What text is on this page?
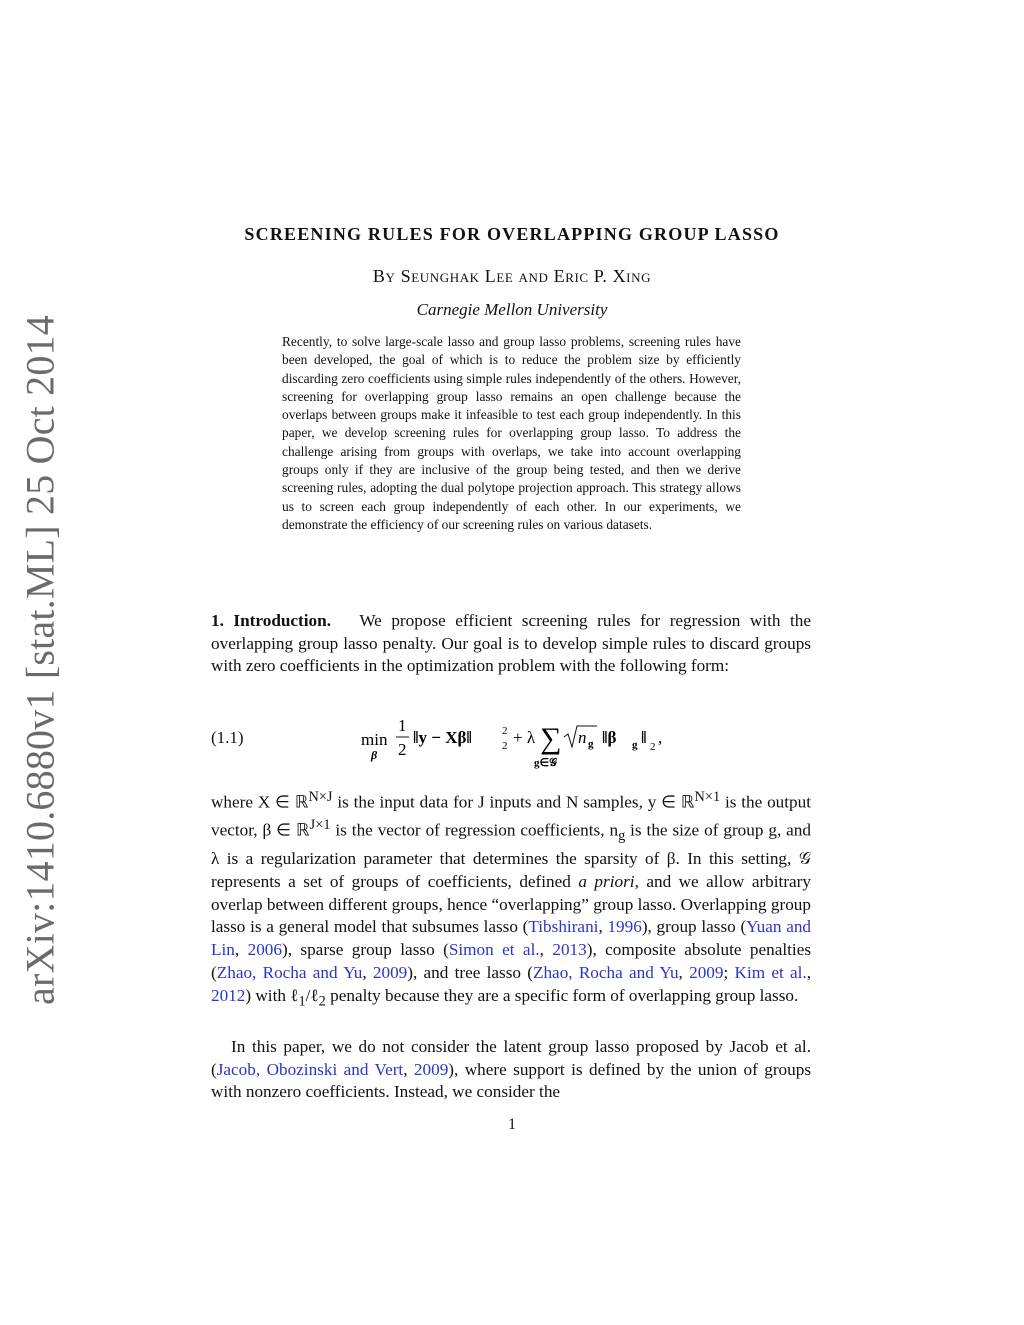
arXiv:1410.6880v1 [stat.ML] 25 Oct 2014
SCREENING RULES FOR OVERLAPPING GROUP LASSO
By Seunghak Lee and Eric P. Xing
Carnegie Mellon University
Recently, to solve large-scale lasso and group lasso problems, screening rules have been developed, the goal of which is to reduce the problem size by efficiently discarding zero coefficients using simple rules independently of the others. However, screening for overlapping group lasso remains an open challenge because the overlaps between groups make it infeasible to test each group independently. In this paper, we develop screening rules for overlapping group lasso. To address the challenge arising from groups with overlaps, we take into account overlapping groups only if they are inclusive of the group being tested, and then we derive screening rules, adopting the dual polytope projection approach. This strategy allows us to screen each group independently of each other. In our experiments, we demonstrate the efficiency of our screening rules on various datasets.
1. Introduction. We propose efficient screening rules for regression with the overlapping group lasso penalty. Our goal is to develop simple rules to discard groups with zero coefficients in the optimization problem with the following form:
(1.1)	min
β
1
2
‖y − Xβ‖	2
2 + λ ∑
g∈𝒢
n g ‖β g ‖ 2 ,
where X ∈ ℝ$^{N\times J}$ is the input data for J inputs and N samples, y ∈ ℝ$^{N\times 1}$ is the output vector, β ∈ ℝ$^{J\times 1}$ is the vector of regression coefficients, $n_g$ is the size of group g, and λ is a regularization parameter that determines the sparsity of β. In this setting, 𝒢 represents a set of groups of coefficients, defined a priori, and we allow arbitrary overlap between different groups, hence “overlapping” group lasso. Overlapping group lasso is a general model that subsumes lasso (Tibshirani, 1996), group lasso (Yuan and Lin, 2006), sparse group lasso (Simon et al., 2013), composite absolute penalties (Zhao, Rocha and Yu, 2009), and tree lasso (Zhao, Rocha and Yu, 2009; Kim et al., 2012) with ℓ$_1$/ℓ$_2$ penalty because they are a specific form of overlapping group lasso.
In this paper, we do not consider the latent group lasso proposed by Jacob et al. (Jacob, Obozinski and Vert, 2009), where support is defined by the union of groups with nonzero coefficients. Instead, we consider the
1
